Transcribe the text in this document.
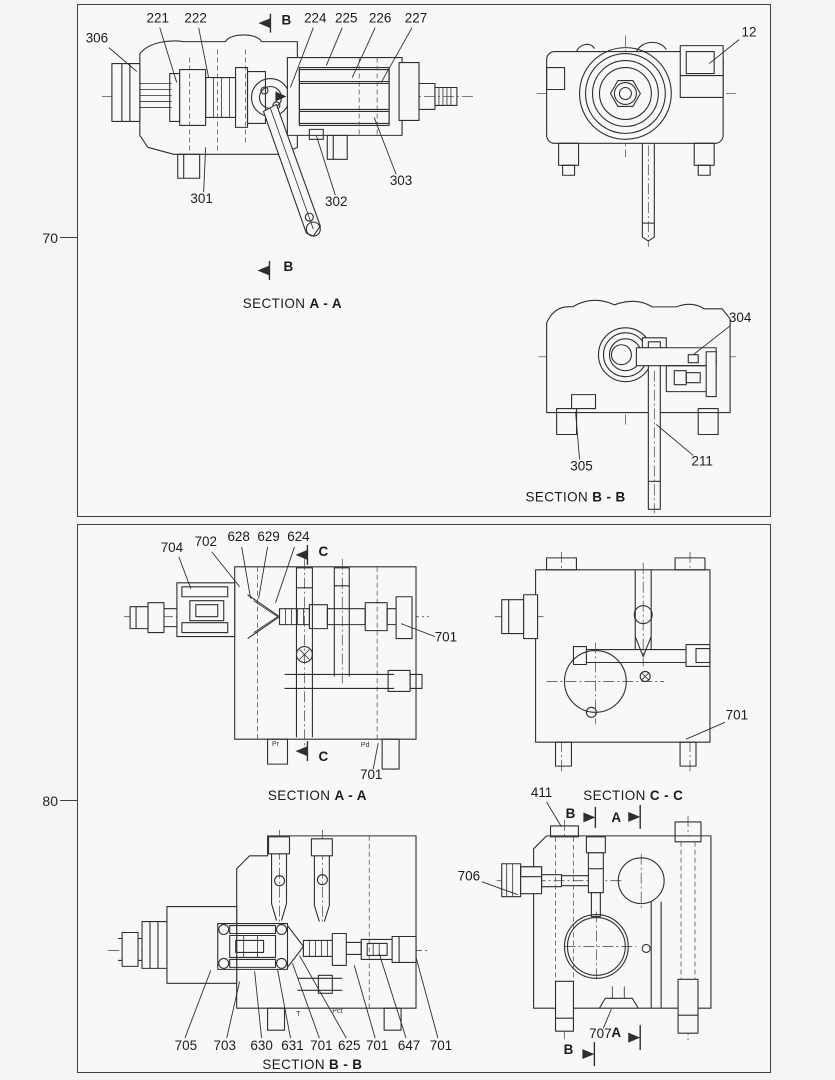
70
80
306
221 222	224 225 226 227
301	302
303
12
304
305	211
SECTION A - A
SECTION B - B
B
B
704 702 628 629 624
701
701
701
411
706
705 703 630 631 701 625 701 647 701
707
SECTION A - A	SECTION C - C
SECTION B - B
C
C
B	A
A
B
Pr	Pd
T	Pct
